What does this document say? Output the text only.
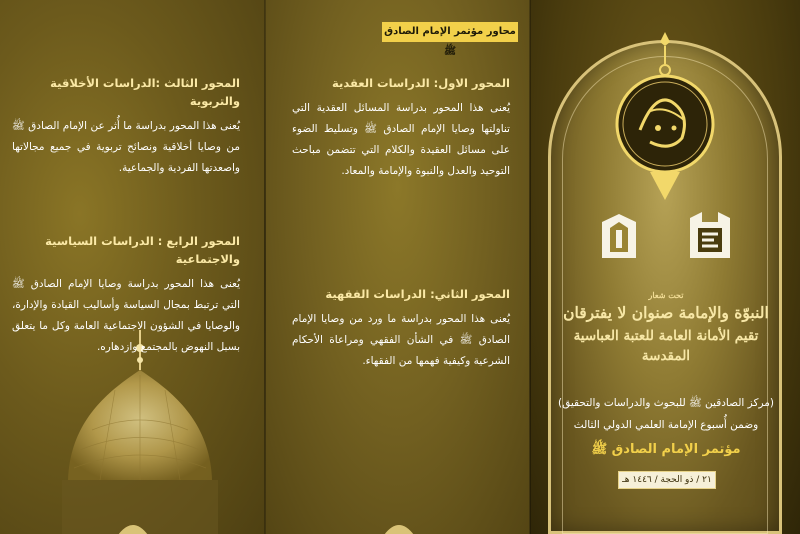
محاور مؤتمر الإمام الصادق ﷺ
المحور الاول: الدراسات العقدية
يُعنى هذا المحور بدراسة المسائل العقدية التي تناولتها وصايا الإمام الصادق ﷺ وتسليط الضوء على مسائل العقيدة والكلام التي تتضمن مباحث التوحيد والعدل والنبوة والإمامة والمعاد.
المحور الثاني: الدراسات الفقهية
يُعنى هذا المحور بدراسة ما ورد من وصايا الإمام الصادق ﷺ في الشأن الفقهي ومراعاة الأحكام الشرعية وكيفية فهمها من الفقهاء.
المحور الثالث :الدراسات الأخلاقية والتربوية
يُعنى هذا المحور بدراسة ما أُثر عن الإمام الصادق ﷺ من وصايا أخلاقية ونصائح تربوية في جميع مجالاتها واصعدتها الفردية والجماعية.
المحور الرابع : الدراسات السياسية والاجتماعية
يُعنى هذا المحور بدراسة وصايا الإمام الصادق ﷺ التي ترتبط بمجال السياسة وأساليب القيادة والإدارة، والوصايا في الشؤون الاجتماعية العامة وكل ما يتعلق بسبل النهوض بالمجتمع وازدهاره.
تحت شعار
النبوّة والإمامة صنوان لا يفترقان
تقيم الأمانة العامة للعتبة العباسية المقدسة
(مركز الصادقين ﷺ للبحوث والدراسات والتحقيق)
وضمن أُسبوع الإمامة العلمي الدولي الثالث
مؤتمر الإمام الصادق ﷺ
٢١ / ذو الحجة / ١٤٤٦ هـ
